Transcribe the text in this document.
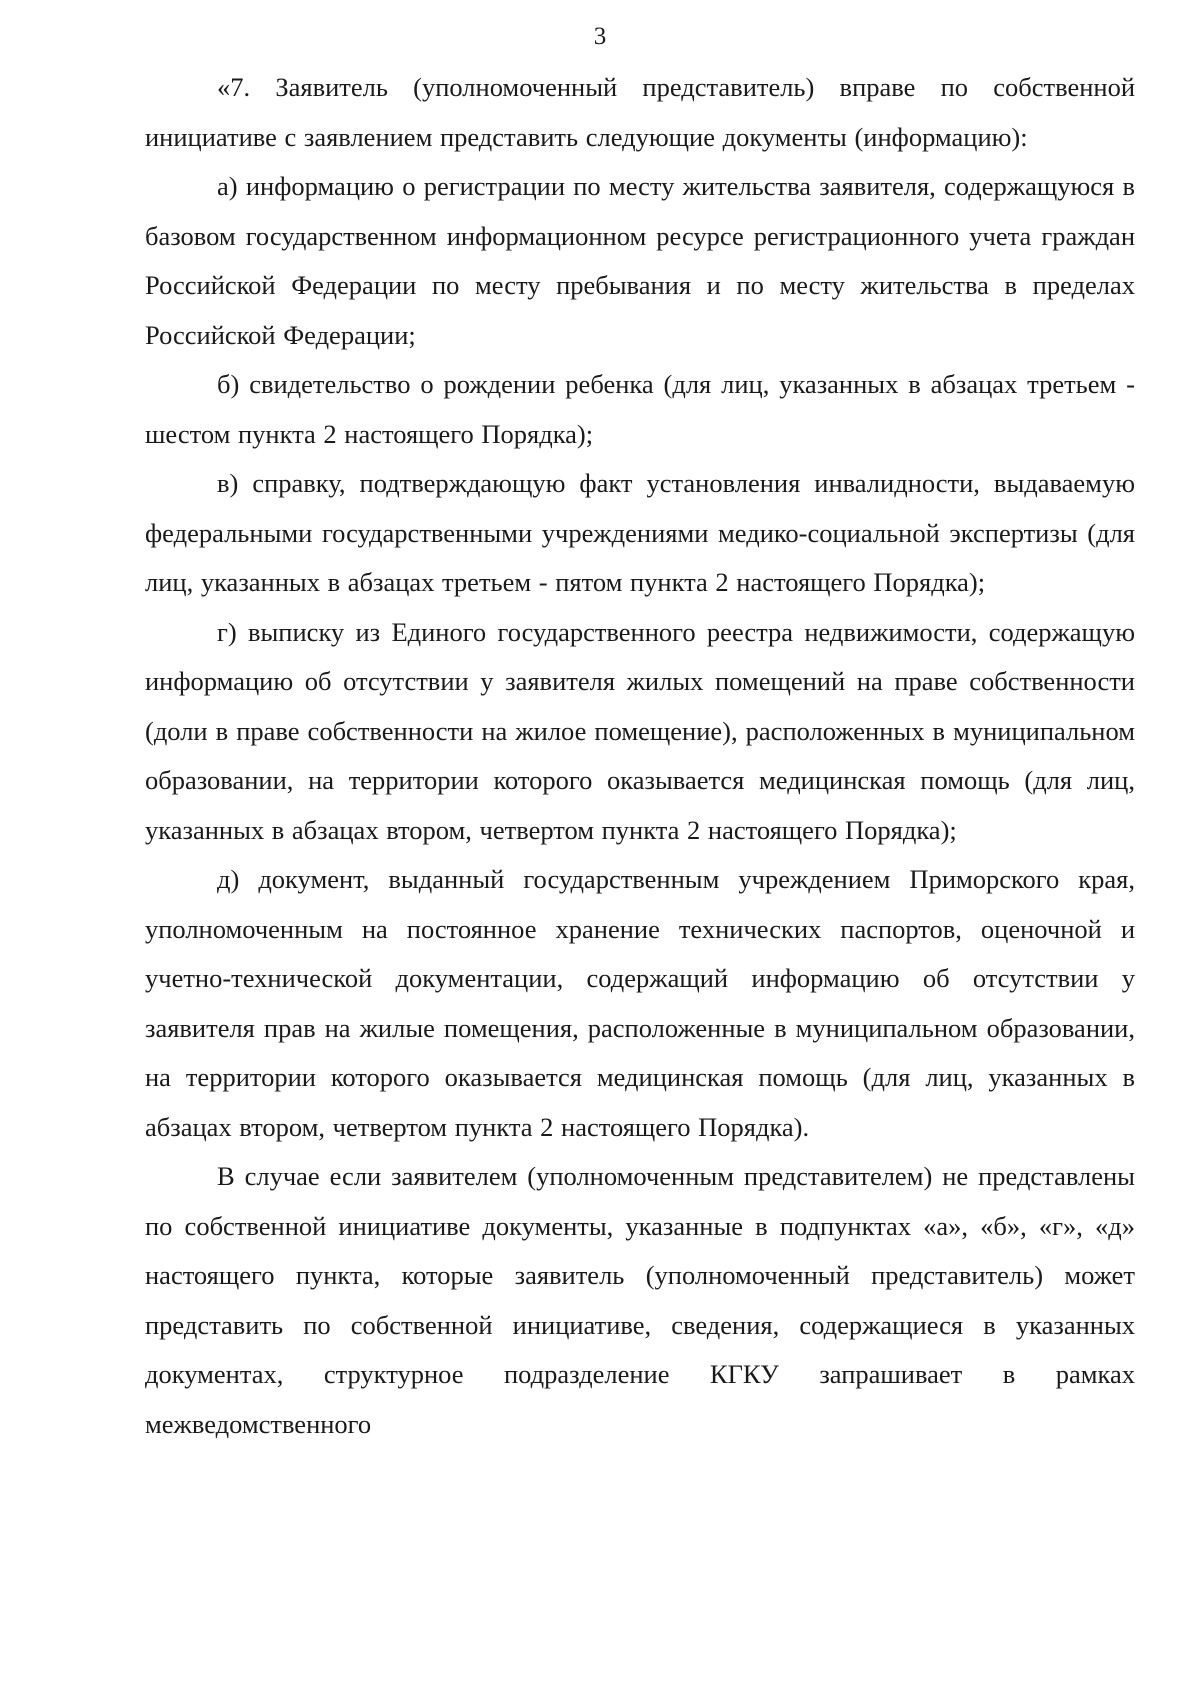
3

«7. Заявитель (уполномоченный представитель) вправе по собственной инициативе с заявлением представить следующие документы (информацию):

а) информацию о регистрации по месту жительства заявителя, содержащуюся в базовом государственном информационном ресурсе регистрационного учета граждан Российской Федерации по месту пребывания и по месту жительства в пределах Российской Федерации;

б) свидетельство о рождении ребенка (для лиц, указанных в абзацах третьем - шестом пункта 2 настоящего Порядка);

в) справку, подтверждающую факт установления инвалидности, выдаваемую федеральными государственными учреждениями медико-социальной экспертизы (для лиц, указанных в абзацах третьем - пятом пункта 2 настоящего Порядка);

г) выписку из Единого государственного реестра недвижимости, содержащую информацию об отсутствии у заявителя жилых помещений на праве собственности (доли в праве собственности на жилое помещение), расположенных в муниципальном образовании, на территории которого оказывается медицинская помощь (для лиц, указанных в абзацах втором, четвертом пункта 2 настоящего Порядка);

д) документ, выданный государственным учреждением Приморского края, уполномоченным на постоянное хранение технических паспортов, оценочной и учетно-технической документации, содержащий информацию об отсутствии у заявителя прав на жилые помещения, расположенные в муниципальном образовании, на территории которого оказывается медицинская помощь (для лиц, указанных в абзацах втором, четвертом пункта 2 настоящего Порядка).

В случае если заявителем (уполномоченным представителем) не представлены по собственной инициативе документы, указанные в подпунктах «а», «б», «г», «д» настоящего пункта, которые заявитель (уполномоченный представитель) может представить по собственной инициативе, сведения, содержащиеся в указанных документах, структурное подразделение КГКУ запрашивает в рамках межведомственного
